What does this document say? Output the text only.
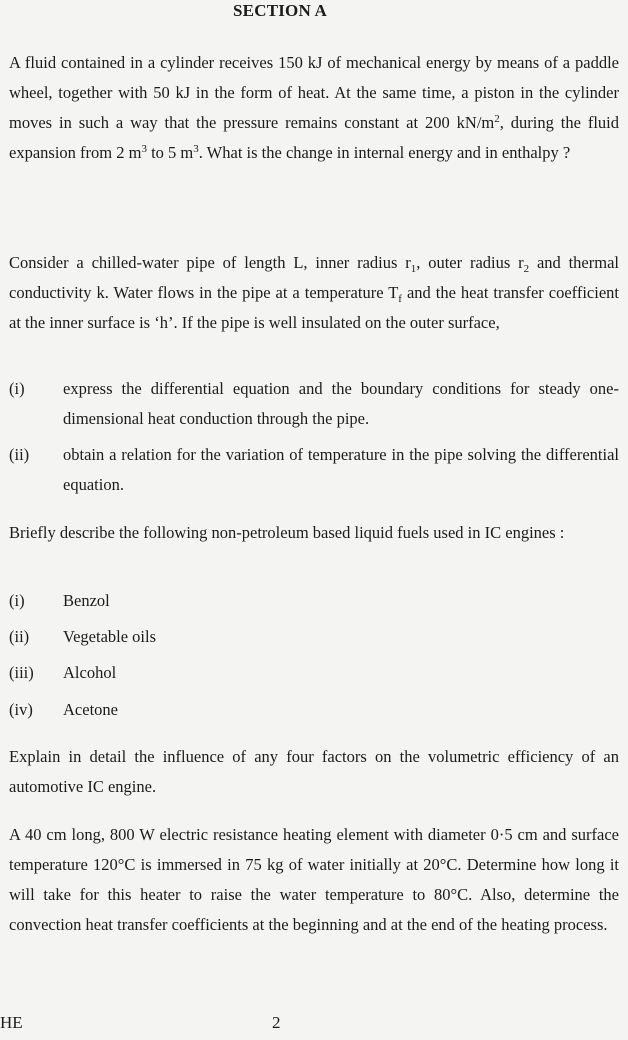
SECTION A

A fluid contained in a cylinder receives 150 kJ of mechanical energy by means of a paddle wheel, together with 50 kJ in the form of heat. At the same time, a piston in the cylinder moves in such a way that the pressure remains constant at 200 $kN/m^2$, during the fluid expansion from 2 $m^3$ to 5 $m^3$. What is the change in internal energy and in enthalpy ?

Consider a chilled-water pipe of length L, inner radius $r_1$, outer radius $r_2$ and thermal conductivity k. Water flows in the pipe at a temperature $T_f$ and the heat transfer coefficient at the inner surface is ‘h’. If the pipe is well insulated on the outer surface,

(i) express the differential equation and the boundary conditions for steady one-dimensional heat conduction through the pipe.
(ii) obtain a relation for the variation of temperature in the pipe solving the differential equation.

Briefly describe the following non-petroleum based liquid fuels used in IC engines :

(i) Benzol
(ii) Vegetable oils
(iii) Alcohol
(iv) Acetone

Explain in detail the influence of any four factors on the volumetric efficiency of an automotive IC engine.

A 40 cm long, 800 W electric resistance heating element with diameter 0·5 cm and surface temperature 120°C is immersed in 75 kg of water initially at 20°C. Determine how long it will take for this heater to raise the water temperature to 80°C. Also, determine the convection heat transfer coefficients at the beginning and at the end of the heating process.

HE	2
